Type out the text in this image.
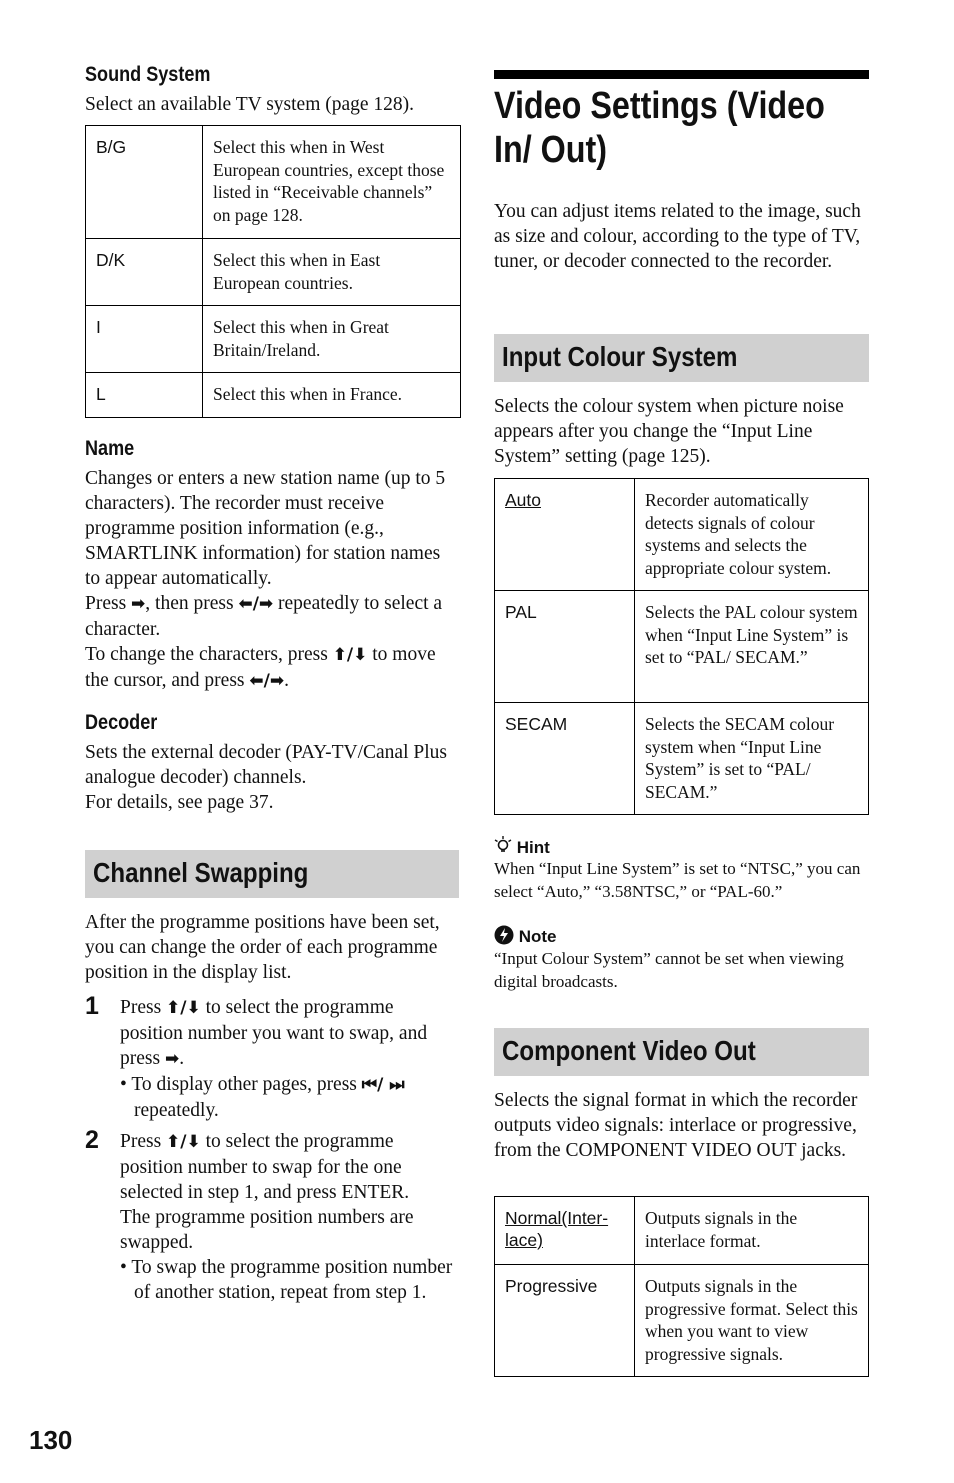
Sound System

Select an available TV system (page 128).

B/G	Select this when in West European countries, except those listed in “Receivable channels” on page 128.
D/K	Select this when in East European countries.
I	Select this when in Great Britain/Ireland.
L	Select this when in France.
Name

Changes or enters a new station name (up to 5 characters). The recorder must receive programme position information (e.g., SMARTLINK information) for station names to appear automatically.

Press ➡, then press ⬅/➡ repeatedly to select a character.

To change the characters, press ⬆/⬇ to move the cursor, and press ⬅/➡.

Decoder

Sets the external decoder (PAY-TV/Canal Plus analogue decoder) channels.

For details, see page 37.

Channel Swapping

After the programme positions have been set, you can change the order of each programme position in the display list.

1 Press ⬆/⬇ to select the programme position number you want to swap, and press ➡.

• To display other pages, press ⏮/ ⏭ repeatedly.

2 Press ⬆/⬇ to select the programme position number to swap for the one selected in step 1, and press ENTER.

The programme position numbers are swapped.

• To swap the programme position number of another station, repeat from step 1.

130
Video Settings (Video In/ Out)

You can adjust items related to the image, such as size and colour, according to the type of TV, tuner, or decoder connected to the recorder.

Input Colour System

Selects the colour system when picture noise appears after you change the “Input Line System” setting (page 125).

Auto	Recorder automatically detects signals of colour systems and selects the appropriate colour system.
PAL	Selects the PAL colour system when “Input Line System” is set to “PAL/ SECAM.”
SECAM	Selects the SECAM colour system when “Input Line System” is set to “PAL/ SECAM.”
Hint

When “Input Line System” is set to “NTSC,” you can select “Auto,” “3.58NTSC,” or “PAL-60.”

Note

“Input Colour System” cannot be set when viewing digital broadcasts.

Component Video Out

Selects the signal format in which the recorder outputs video signals: interlace or progressive, from the COMPONENT VIDEO OUT jacks.

Normal(Inter-lace)	Outputs signals in the interlace format.
Progressive	Outputs signals in the progressive format. Select this when you want to view progressive signals.
